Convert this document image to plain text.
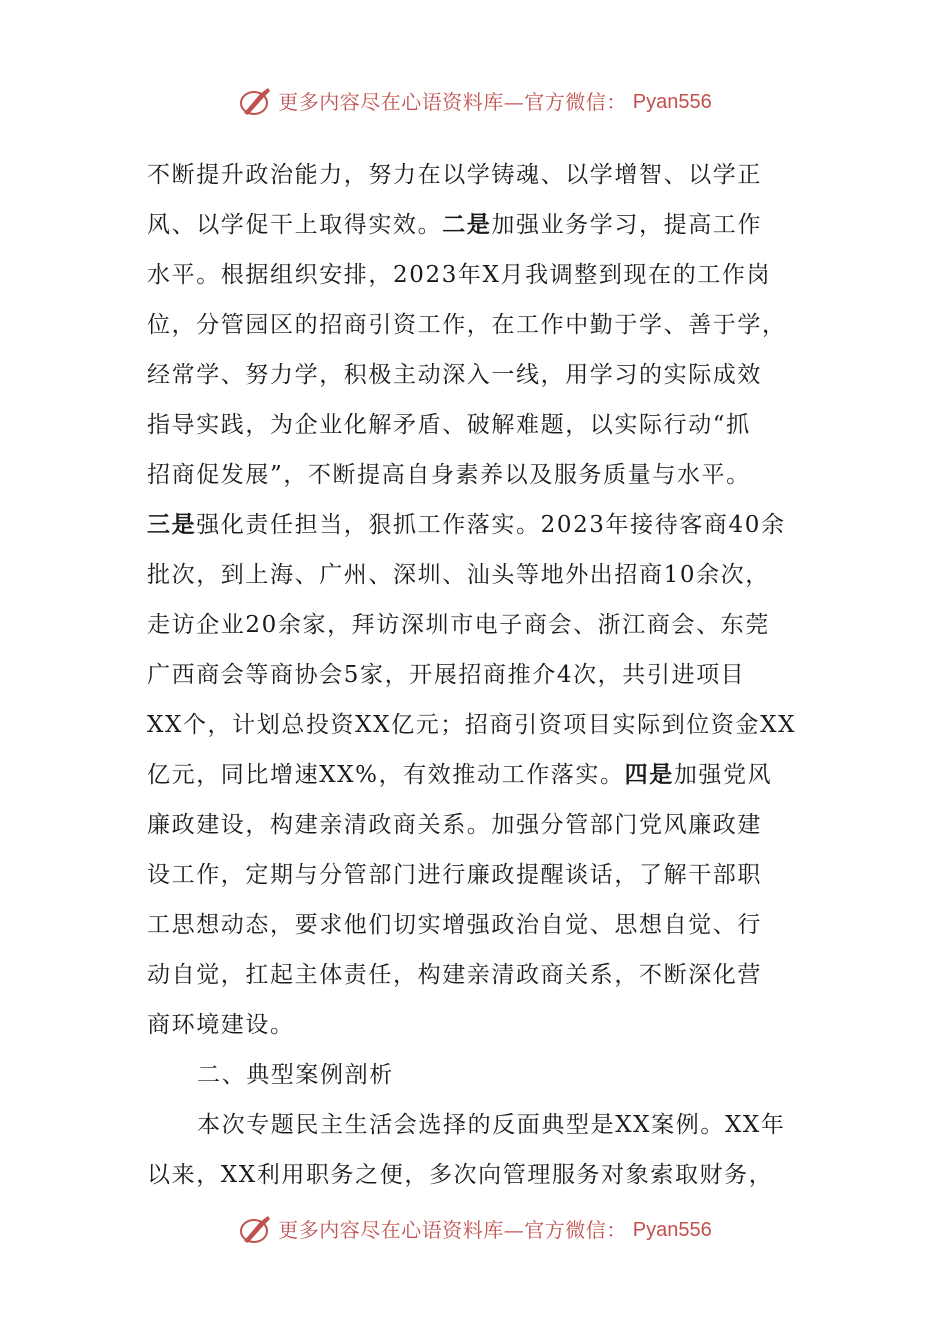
更多内容尽在心语资料库—官方微信： Pyan556
不断提升政治能力，努力在以学铸魂、以学增智、以学正
风、以学促干上取得实效。二是加强业务学习，提高工作
水平。根据组织安排，2023年X月我调整到现在的工作岗
位，分管园区的招商引资工作，在工作中勤于学、善于学，
经常学、努力学，积极主动深入一线，用学习的实际成效
指导实践，为企业化解矛盾、破解难题，以实际行动“抓
招商促发展”，不断提高自身素养以及服务质量与水平。
三是强化责任担当，狠抓工作落实。2023年接待客商40余
批次，到上海、广州、深圳、汕头等地外出招商10余次，
走访企业20余家，拜访深圳市电子商会、浙江商会、东莞
广西商会等商协会5家，开展招商推介4次，共引进项目
XX个，计划总投资XX亿元；招商引资项目实际到位资金XX
亿元，同比增速XX%，有效推动工作落实。四是加强党风
廉政建设，构建亲清政商关系。加强分管部门党风廉政建
设工作，定期与分管部门进行廉政提醒谈话，了解干部职
工思想动态，要求他们切实增强政治自觉、思想自觉、行
动自觉，扛起主体责任，构建亲清政商关系，不断深化营
商环境建设。
二、典型案例剖析
本次专题民主生活会选择的反面典型是XX案例。XX年
以来，XX利用职务之便，多次向管理服务对象索取财务，
更多内容尽在心语资料库—官方微信： Pyan556
